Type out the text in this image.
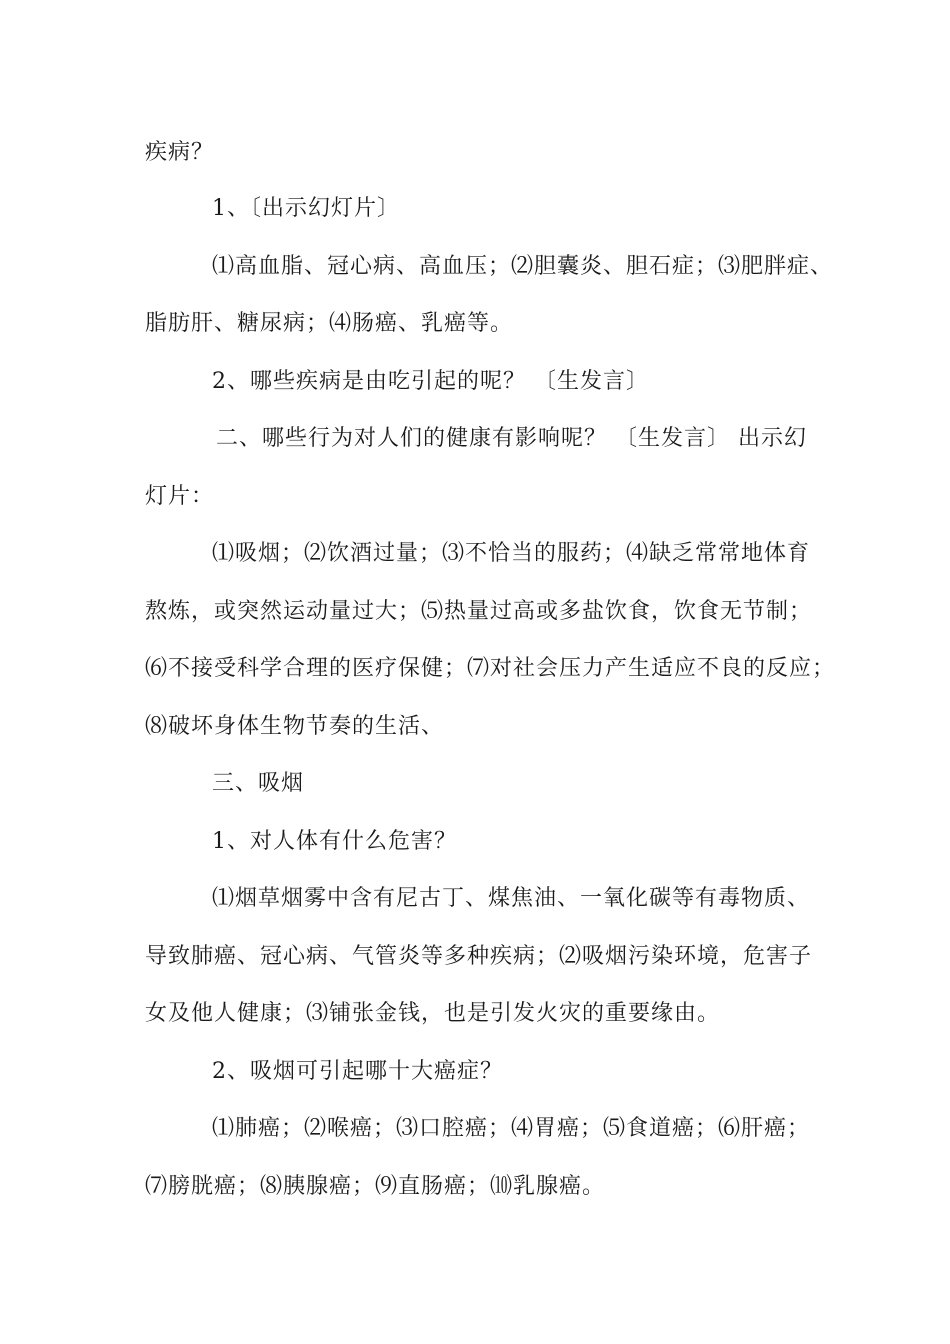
疾病？
1、〔出示幻灯片〕
⑴高血脂、冠心病、高血压；⑵胆囊炎、胆石症；⑶肥胖症、
脂肪肝、糖尿病；⑷肠癌、乳癌等。
2、哪些疾病是由吃引起的呢？ 〔生发言〕
二、哪些行为对人们的健康有影响呢？ 〔生发言〕 出示幻
灯片：
⑴吸烟；⑵饮酒过量；⑶不恰当的服药；⑷缺乏常常地体育
熬炼，或突然运动量过大；⑸热量过高或多盐饮食，饮食无节制；
⑹不接受科学合理的医疗保健；⑺对社会压力产生适应不良的反应；
⑻破坏身体生物节奏的生活、
三、吸烟
1、对人体有什么危害？
⑴烟草烟雾中含有尼古丁、煤焦油、一氧化碳等有毒物质、
导致肺癌、冠心病、气管炎等多种疾病；⑵吸烟污染环境，危害子
女及他人健康；⑶铺张金钱，也是引发火灾的重要缘由。
2、吸烟可引起哪十大癌症？
⑴肺癌；⑵喉癌；⑶口腔癌；⑷胃癌；⑸食道癌；⑹肝癌；
⑺膀胱癌；⑻胰腺癌；⑼直肠癌；⑽乳腺癌。
